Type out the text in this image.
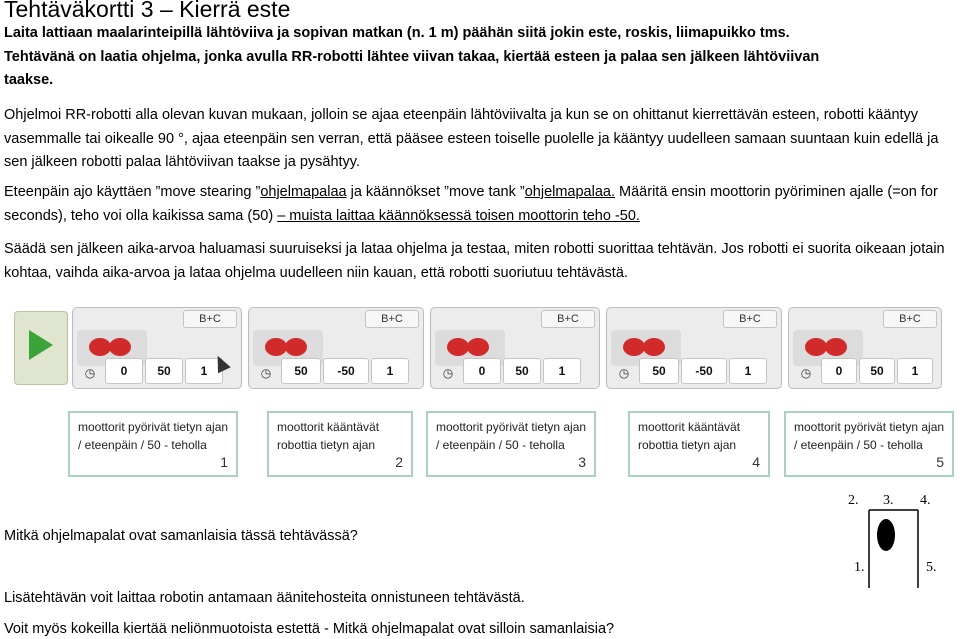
Tehtäväkortti 3 – Kierrä este
Laita lattiaan maalarinteipillä lähtöviiva ja sopivan matkan (n. 1 m) päähän siitä jokin este, roskis, liimapuikko tms.
Tehtävänä on laatia ohjelma, jonka avulla RR-robotti lähtee viivan takaa, kiertää esteen ja palaa sen jälkeen lähtöviivan
taakse.

Ohjelmoi RR-robotti alla olevan kuvan mukaan, jolloin se ajaa eteenpäin lähtöviivalta ja kun se on ohittanut kierrettävän esteen, robotti kääntyy vasemmalle tai oikealle 90 °, ajaa eteenpäin sen verran, että pääsee esteen toiselle puolelle ja kääntyy uudelleen samaan suuntaan kuin edellä ja sen jälkeen robotti palaa lähtöviivan taakse ja pysähtyy.

Eteenpäin ajo käyttäen ”move stearing ”ohjelmapalaa ja käännökset ”move tank ”ohjelmapalaa. Määritä ensin moottorin pyöriminen ajalle (=on for seconds), teho voi olla kaikissa sama (50) – muista laittaa käännöksessä toisen moottorin teho -50.

Säädä sen jälkeen aika-arvoa haluamasi suuruiseksi ja lataa ohjelma ja testaa, miten robotti suorittaa tehtävän. Jos robotti ei suorita oikeaan jotain kohtaa, vaihda aika-arvoa ja lataa ohjelma uudelleen niin kauan, että robotti suoriutuu tehtävästä.

B+C
◷	0	50	1
B+C
◷	50	-50	1
B+C
◷	0	50	1
B+C
◷	50	-50	1
B+C
◷	0	50	1
moottorit pyörivät tietyn ajan / eteenpäin / 50 - teholla
1
moottorit kääntävät robottia tietyn ajan
2
moottorit pyörivät tietyn ajan / eteenpäin / 50 - teholla
3
moottorit kääntävät robottia tietyn ajan
4
moottorit pyörivät tietyn ajan / eteenpäin / 50 - teholla
5
2. 3. 4.
1.	5.
Mitkä ohjelmapalat ovat samanlaisia tässä tehtävässä?
Lisätehtävän voit laittaa robotin antamaan äänitehosteita onnistuneen tehtävästä.
Voit myös kokeilla kiertää neliönmuotoista estettä - Mitkä ohjelmapalat ovat silloin samanlaisia?
